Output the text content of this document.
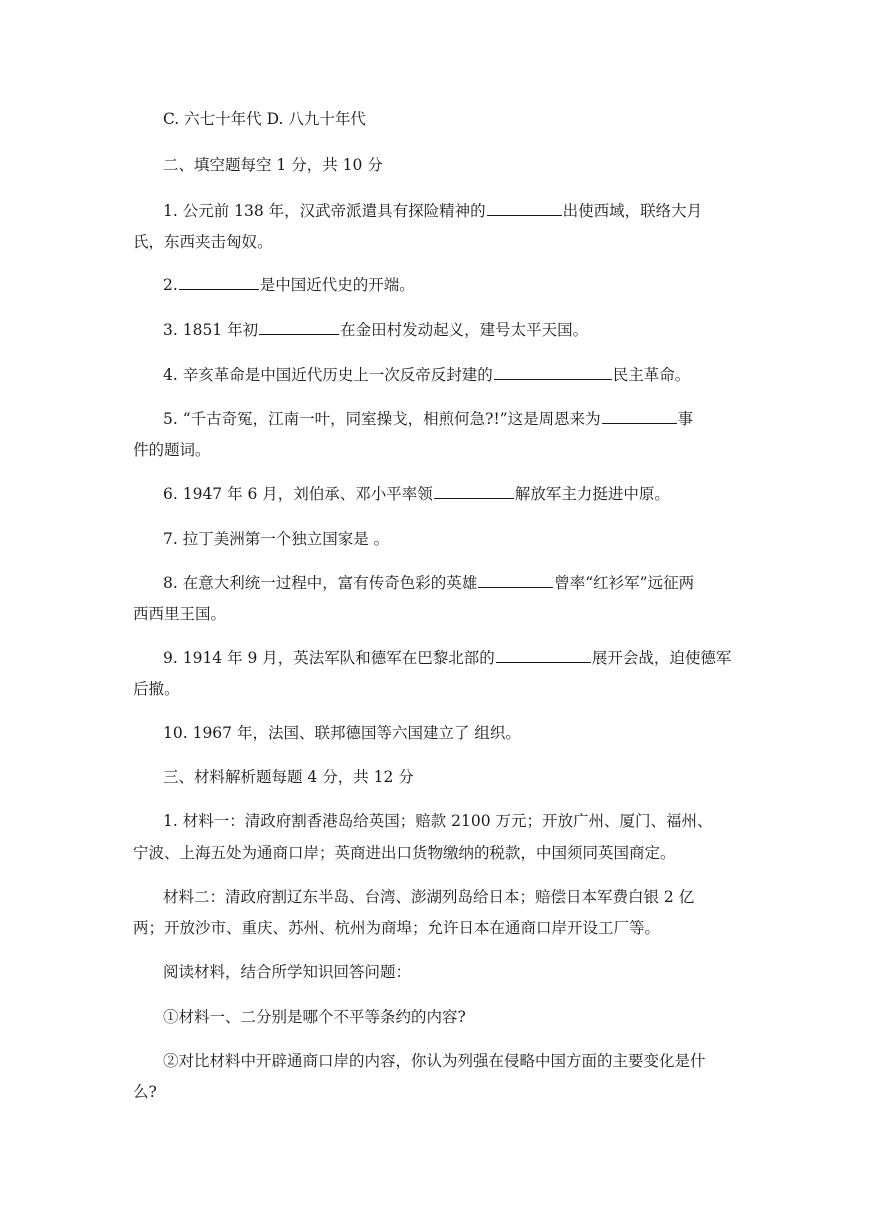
C. 六七十年代 D. 八九十年代
二、填空题每空 1 分，共 10 分
1. 公元前 138 年，汉武帝派遣具有探险精神的	出使西域，联络大月
氏，东西夹击匈奴。
2.	是中国近代史的开端。
3. 1851 年初	在金田村发动起义，建号太平天国。
4. 辛亥革命是中国近代历史上一次反帝反封建的	民主革命。
5. “千古奇冤，江南一叶，同室操戈，相煎何急?!”这是周恩来为	事
件的题词。
6. 1947 年 6 月，刘伯承、邓小平率领	解放军主力挺进中原。
7. 拉丁美洲第一个独立国家是 。
8. 在意大利统一过程中，富有传奇色彩的英雄	曾率“红衫军”远征两
西西里王国。
9. 1914 年 9 月，英法军队和德军在巴黎北部的	展开会战，迫使德军
后撤。
10. 1967 年，法国、联邦德国等六国建立了 组织。
三、材料解析题每题 4 分，共 12 分
1. 材料一：清政府割香港岛给英国；赔款 2100 万元；开放广州、厦门、福州、
宁波、上海五处为通商口岸；英商进出口货物缴纳的税款，中国须同英国商定。
材料二：清政府割辽东半岛、台湾、澎湖列岛给日本；赔偿日本军费白银 2 亿
两；开放沙市、重庆、苏州、杭州为商埠；允许日本在通商口岸开设工厂等。
阅读材料，结合所学知识回答问题：
①材料一、二分别是哪个不平等条约的内容?
②对比材料中开辟通商口岸的内容，你认为列强在侵略中国方面的主要变化是什
么?
